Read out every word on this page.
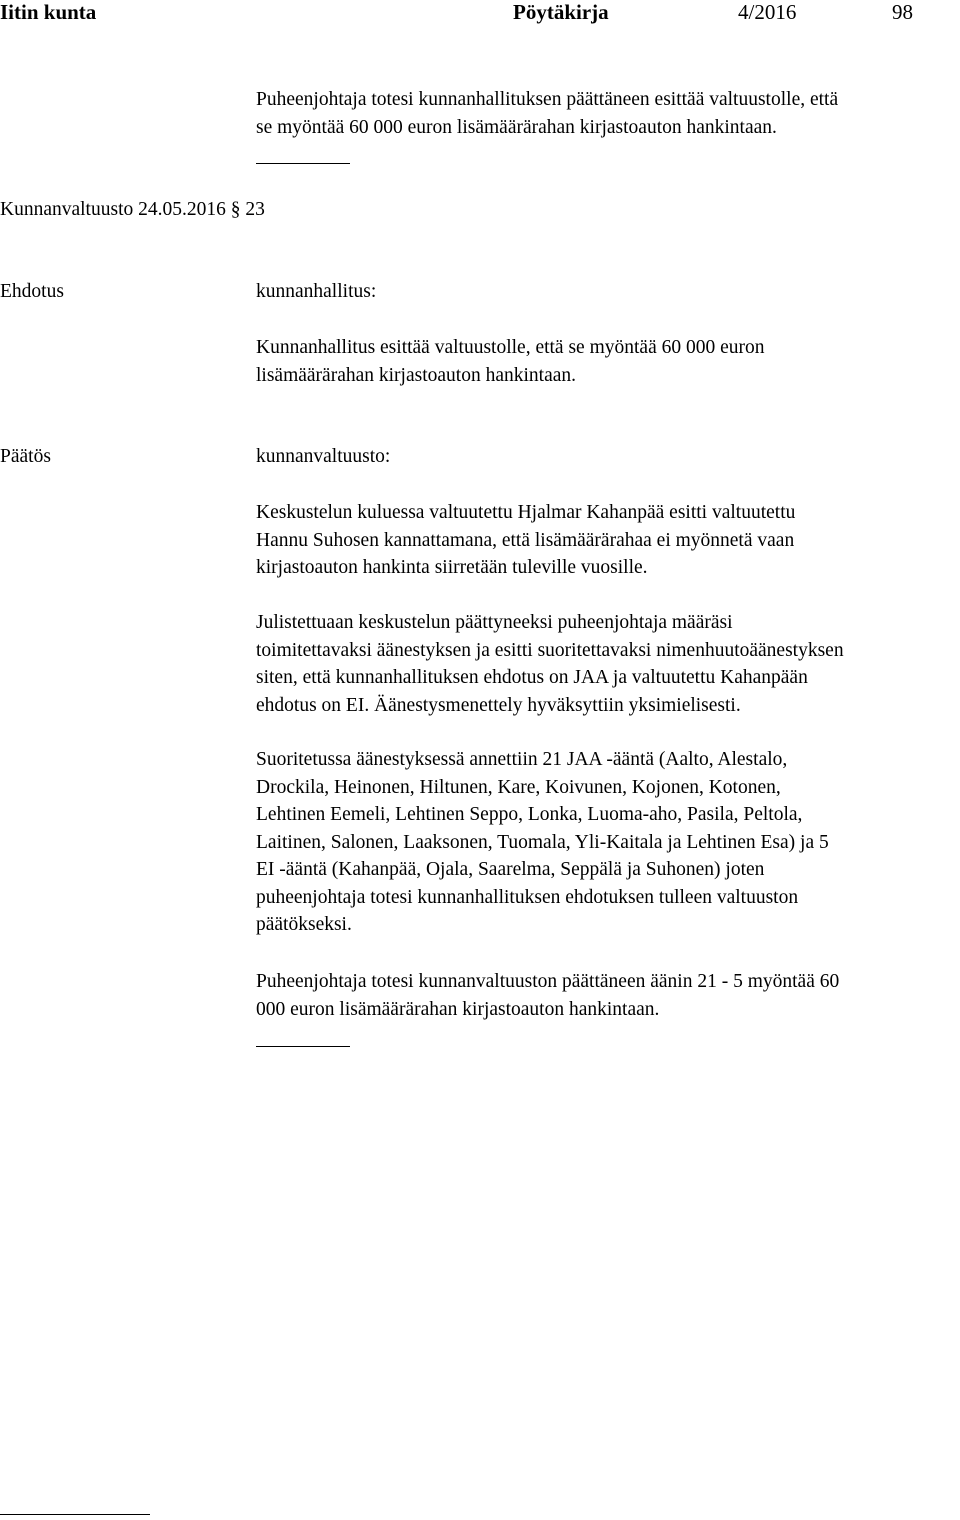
Iitin kunta	Pöytäkirja	4/2016	98
Puheenjohtaja totesi kunnanhallituksen päättäneen esittää valtuustolle, että
se myöntää 60 000 euron lisämäärärahan kirjastoauton hankintaan.
Kunnanvaltuusto 24.05.2016 § 23
Ehdotus	kunnanhallitus:
Kunnanhallitus esittää valtuustolle, että se myöntää 60 000 euron
lisämäärärahan kirjastoauton hankintaan.
Päätös	kunnanvaltuusto:
Keskustelun kuluessa valtuutettu Hjalmar Kahanpää esitti valtuutettu
Hannu Suhosen kannattamana, että lisämäärärahaa ei myönnetä vaan
kirjastoauton hankinta siirretään tuleville vuosille.
Julistettuaan keskustelun päättyneeksi puheenjohtaja määräsi
toimitettavaksi äänestyksen ja esitti suoritettavaksi nimenhuutoäänestyksen
siten, että kunnanhallituksen ehdotus on JAA ja valtuutettu Kahanpään
ehdotus on EI. Äänestysmenettely hyväksyttiin yksimielisesti.
Suoritetussa äänestyksessä annettiin 21 JAA -ääntä (Aalto, Alestalo,
Drockila, Heinonen, Hiltunen, Kare, Koivunen, Kojonen, Kotonen,
Lehtinen Eemeli, Lehtinen Seppo, Lonka, Luoma-aho, Pasila, Peltola,
Laitinen, Salonen, Laaksonen, Tuomala, Yli-Kaitala ja Lehtinen Esa) ja 5
EI -ääntä (Kahanpää, Ojala, Saarelma, Seppälä ja Suhonen) joten
puheenjohtaja totesi kunnanhallituksen ehdotuksen tulleen valtuuston
päätökseksi.
Puheenjohtaja totesi kunnanvaltuuston päättäneen äänin 21 - 5 myöntää 60
000 euron lisämäärärahan kirjastoauton hankintaan.
